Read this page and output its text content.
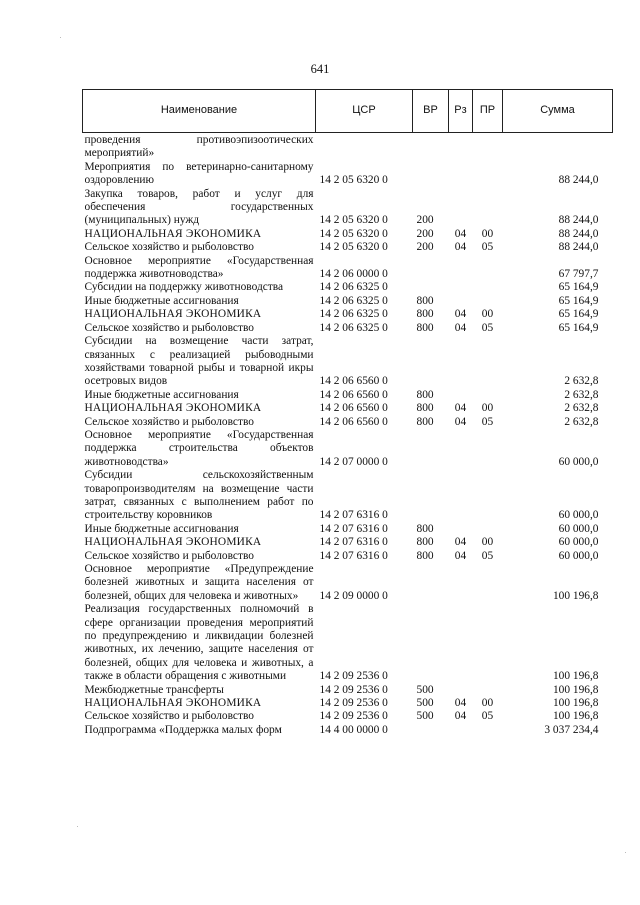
641
Наименование	ЦСР	ВР	Рз	ПР	Сумма

проведения противоэпизоотических мероприятий»					

Мероприятия по ветеринарно-санитарному оздоровлению	14 2 05 6320 0				88 244,0

Закупка товаров, работ и услуг для обеспечения государственных (муниципальных) нужд	14 2 05 6320 0	200			88 244,0

НАЦИОНАЛЬНАЯ ЭКОНОМИКА	14 2 05 6320 0	200	04	00	88 244,0

Сельское хозяйство и рыболовство	14 2 05 6320 0	200	04	05	88 244,0

Основное мероприятие «Государственная поддержка животноводства»	14 2 06 0000 0				67 797,7

Субсидии на поддержку животноводства	14 2 06 6325 0				65 164,9

Иные бюджетные ассигнования	14 2 06 6325 0	800			65 164,9

НАЦИОНАЛЬНАЯ ЭКОНОМИКА	14 2 06 6325 0	800	04	00	65 164,9

Сельское хозяйство и рыболовство	14 2 06 6325 0	800	04	05	65 164,9

Субсидии на возмещение части затрат, связанных с реализацией рыбоводными хозяйствами товарной рыбы и товарной икры осетровых видов	14 2 06 6560 0				2 632,8

Иные бюджетные ассигнования	14 2 06 6560 0	800			2 632,8

НАЦИОНАЛЬНАЯ ЭКОНОМИКА	14 2 06 6560 0	800	04	00	2 632,8

Сельское хозяйство и рыболовство	14 2 06 6560 0	800	04	05	2 632,8

Основное мероприятие «Государственная поддержка строительства объектов животноводства»	14 2 07 0000 0				60 000,0

Субсидии сельскохозяйственным товаропроизводителям на возмещение части затрат, связанных с выполнением работ по строительству коровников	14 2 07 6316 0				60 000,0

Иные бюджетные ассигнования	14 2 07 6316 0	800			60 000,0

НАЦИОНАЛЬНАЯ ЭКОНОМИКА	14 2 07 6316 0	800	04	00	60 000,0

Сельское хозяйство и рыболовство	14 2 07 6316 0	800	04	05	60 000,0

Основное мероприятие «Предупреждение болезней животных и защита населения от болезней, общих для человека и животных»	14 2 09 0000 0				100 196,8

Реализация государственных полномочий в сфере организации проведения мероприятий по предупреждению и ликвидации болезней животных, их лечению, защите населения от болезней, общих для человека и животных, а также в области обращения с животными	14 2 09 2536 0				100 196,8

Межбюджетные трансферты	14 2 09 2536 0	500			100 196,8

НАЦИОНАЛЬНАЯ ЭКОНОМИКА	14 2 09 2536 0	500	04	00	100 196,8

Сельское хозяйство и рыболовство	14 2 09 2536 0	500	04	05	100 196,8

Подпрограмма «Поддержка малых форм	14 4 00 0000 0				3 037 234,4
